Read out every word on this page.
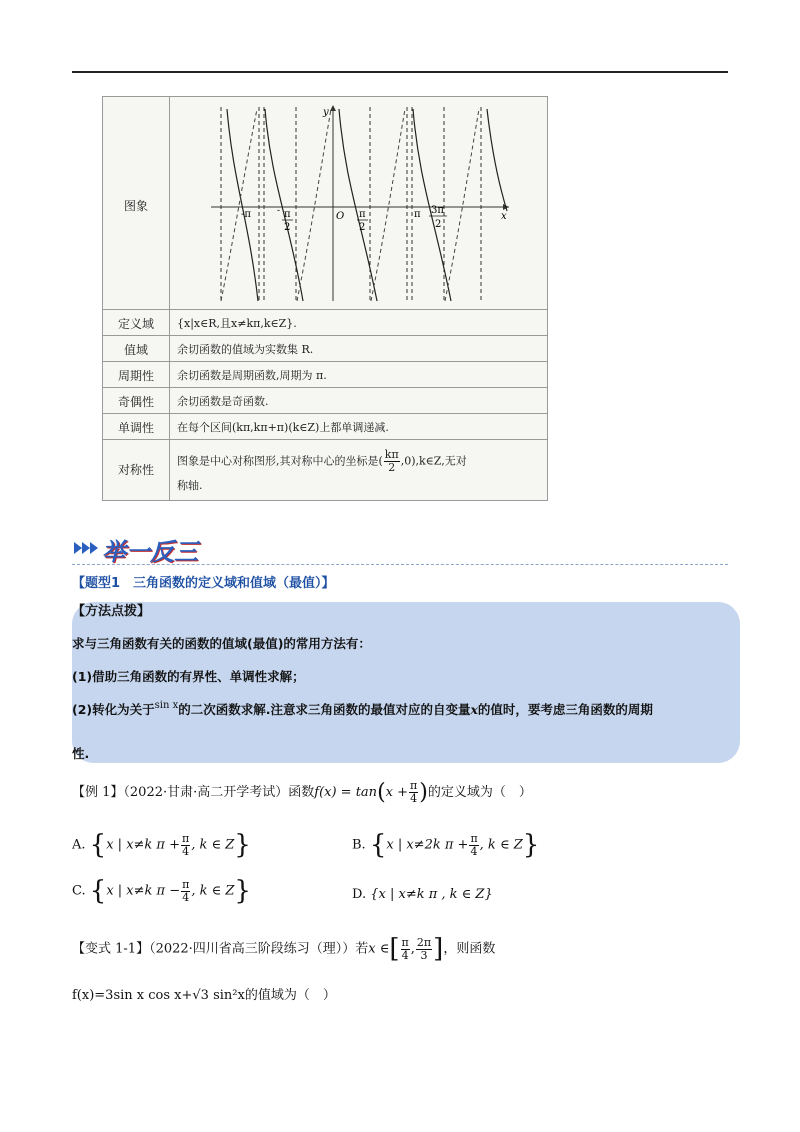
图象
x
y
O
-π	- π
2
π
2
π 3π
2
定义域	{x|x∈R,且x≠kπ,k∈Z}.
值域	余切函数的值域为实数集 R.
周期性	余切函数是周期函数,周期为 π.
奇偶性	余切函数是奇函数.
单调性	在每个区间(kπ,kπ+π)(k∈Z)上都单调递减.
对称性
图象是中心对称图形,其对称中心的坐标是( $\frac{k\pi}{2}$ ,0),k∈Z,无对
称轴.
举一反三
【题型1　三角函数的定义域和值域（最值）】
【方法点拨】
求与三角函数有关的函数的值域(最值)的常用方法有：
(1)借助三角函数的有界性、单调性求解；
(2)转化为关于$^{sin x}$的二次函数求解.注意求三角函数的最值对应的自变量x的值时，要考虑三角函数的周期
性.
【例 1】（2022·甘肃·高二开学考试）函数$f(x) = \tan(x + \frac{\pi}{4}$ )的定义域为（　）
A. {x | x≠k $\pi + \frac{\pi}{4}$ , k ∈ Z}	B. {x | x≠2k $\pi + \frac{\pi}{4}$ , k ∈ Z}
C. {x | x≠k $\pi - \frac{\pi}{4}$ , k ∈ Z}	D. {x | x≠k π , k ∈ Z}
【变式 1-1】（2022·四川省高三阶段练习（理））若x ∈[ $\frac{\pi}{4}$ , $\frac{2\pi}{3}$ ]，则函数
f(x)=3sin x cos x+√3 sin²x的值域为（　）
